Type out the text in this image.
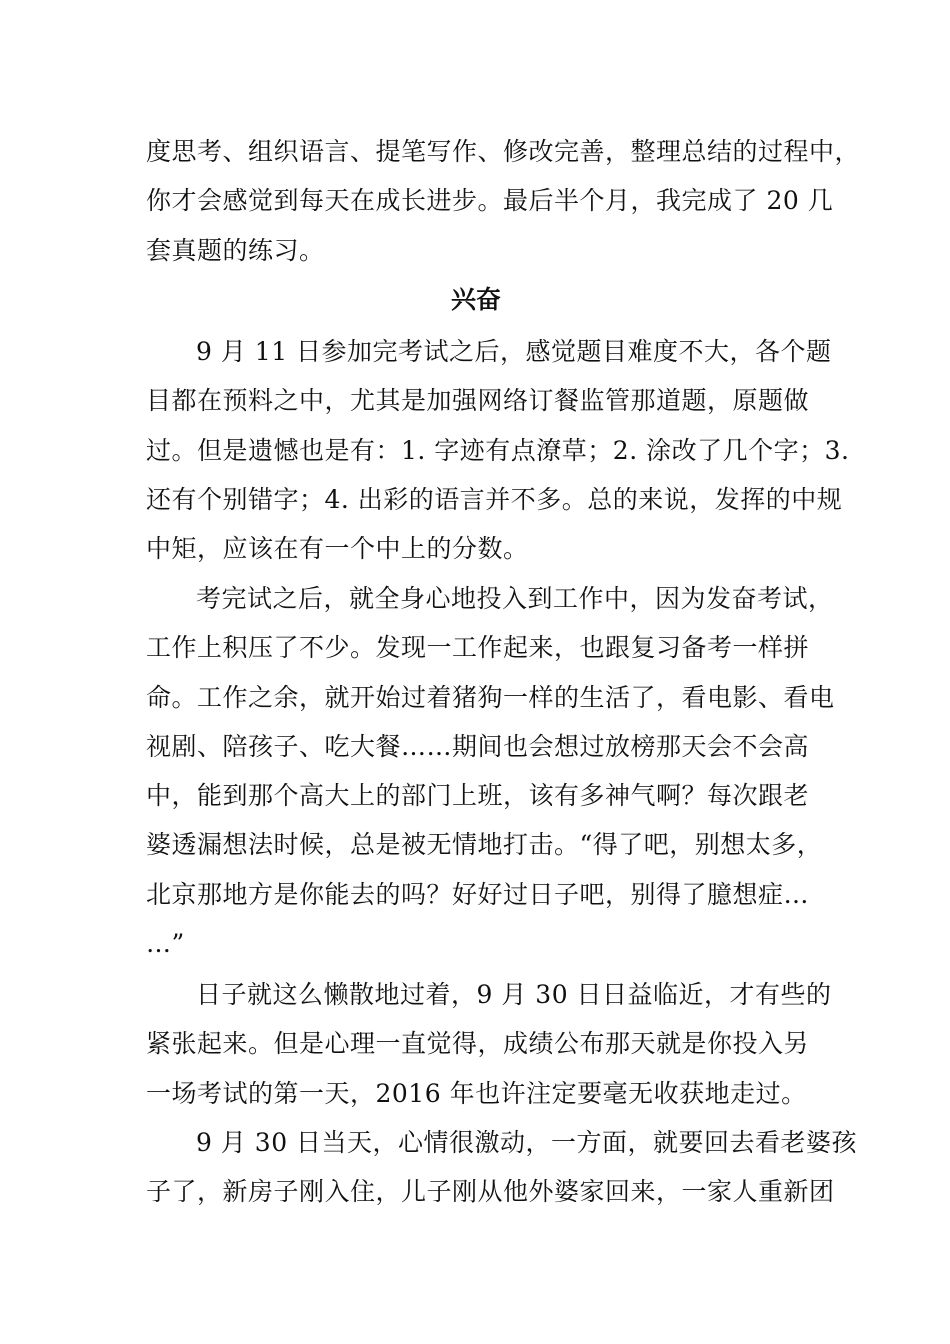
度思考、组织语言、提笔写作、修改完善，整理总结的过程中，
你才会感觉到每天在成长进步。最后半个月，我完成了 20 几
套真题的练习。
兴奋
9 月 11 日参加完考试之后，感觉题目难度不大，各个题
目都在预料之中，尤其是加强网络订餐监管那道题，原题做
过。但是遗憾也是有：1. 字迹有点潦草；2. 涂改了几个字；3.
还有个别错字；4. 出彩的语言并不多。总的来说，发挥的中规
中矩，应该在有一个中上的分数。
考完试之后，就全身心地投入到工作中，因为发奋考试，
工作上积压了不少。发现一工作起来，也跟复习备考一样拼
命。工作之余，就开始过着猪狗一样的生活了，看电影、看电
视剧、陪孩子、吃大餐……期间也会想过放榜那天会不会高
中，能到那个高大上的部门上班，该有多神气啊？每次跟老
婆透漏想法时候，总是被无情地打击。“得了吧，别想太多，
北京那地方是你能去的吗？好好过日子吧，别得了臆想症…
…”
日子就这么懒散地过着，9 月 30 日日益临近，才有些的
紧张起来。但是心理一直觉得，成绩公布那天就是你投入另
一场考试的第一天，2016 年也许注定要毫无收获地走过。
9 月 30 日当天，心情很激动，一方面，就要回去看老婆孩
子了，新房子刚入住，儿子刚从他外婆家回来，一家人重新团
